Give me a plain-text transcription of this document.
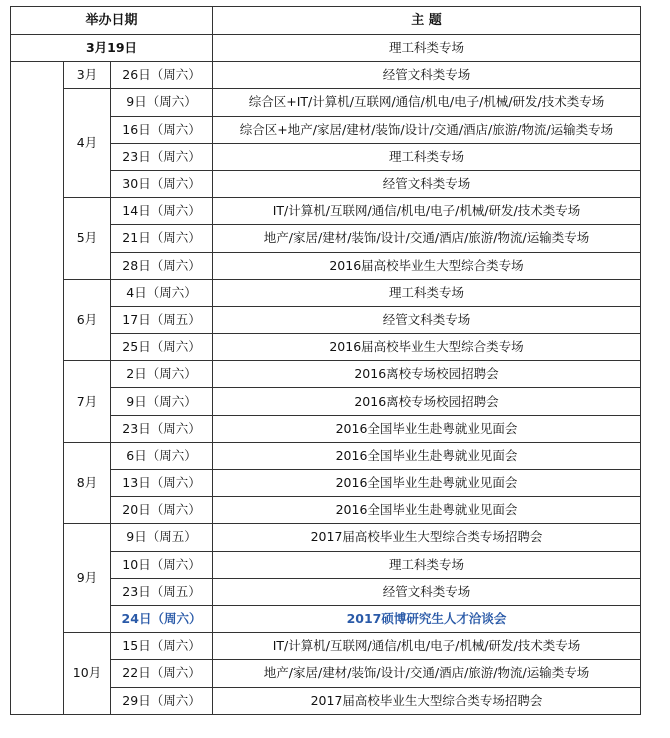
举办日期			主 题
3月19日			理工科类专场
	3月	26日（周六）	经管文科类专场
	4月	9日（周六）	综合区+IT/计算机/互联网/通信/机电/电子/机械/研发/技术类专场
		16日（周六）	综合区+地产/家居/建材/装饰/设计/交通/酒店/旅游/物流/运输类专场
		23日（周六）	理工科类专场
		30日（周六）	经管文科类专场
	5月	14日（周六）	IT/计算机/互联网/通信/机电/电子/机械/研发/技术类专场
		21日（周六）	地产/家居/建材/装饰/设计/交通/酒店/旅游/物流/运输类专场
		28日（周六）	2016届高校毕业生大型综合类专场
	6月	4日（周六）	理工科类专场
		17日（周五）	经管文科类专场
		25日（周六）	2016届高校毕业生大型综合类专场
	7月	2日（周六）	2016离校专场校园招聘会
		9日（周六）	2016离校专场校园招聘会
		23日（周六）	2016全国毕业生赴粤就业见面会
	8月	6日（周六）	2016全国毕业生赴粤就业见面会
		13日（周六）	2016全国毕业生赴粤就业见面会
		20日（周六）	2016全国毕业生赴粤就业见面会
	9月	9日（周五）	2017届高校毕业生大型综合类专场招聘会
		10日（周六）	理工科类专场
		23日（周五）	经管文科类专场
		24日（周六）	2017硕博研究生人才洽谈会
	10月	15日（周六）	IT/计算机/互联网/通信/机电/电子/机械/研发/技术类专场
		22日（周六）	地产/家居/建材/装饰/设计/交通/酒店/旅游/物流/运输类专场
		29日（周六）	2017届高校毕业生大型综合类专场招聘会
